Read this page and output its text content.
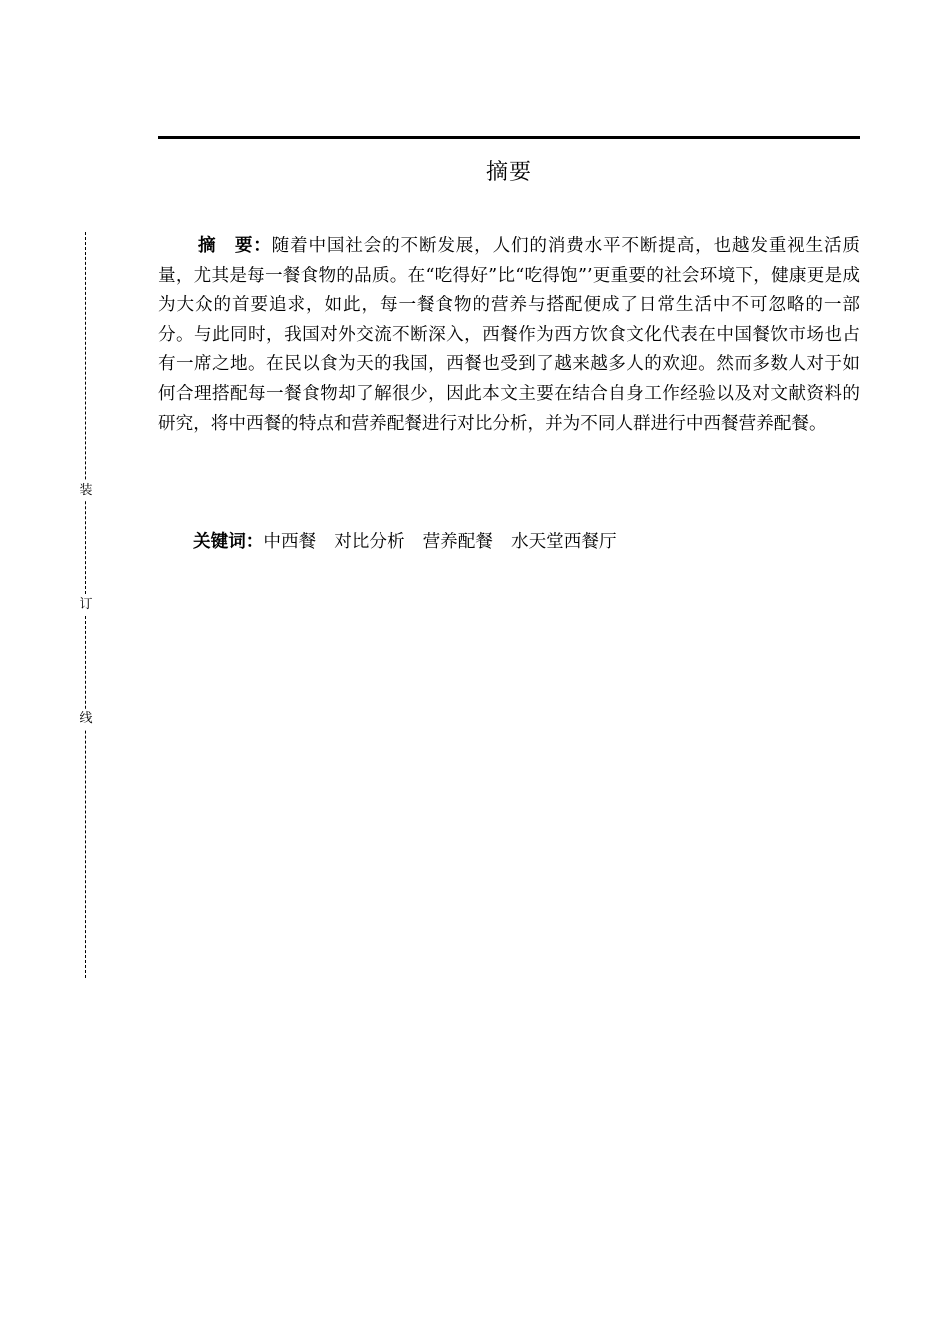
摘要

摘　要：随着中国社会的不断发展，人们的消费水平不断提高，也越发重视生活质量，尤其是每一餐食物的品质。在“吃得好”比“吃得饱”’更重要的社会环境下，健康更是成为大众的首要追求，如此，每一餐食物的营养与搭配便成了日常生活中不可忽略的一部分。与此同时，我国对外交流不断深入，西餐作为西方饮食文化代表在中国餐饮市场也占有一席之地。在民以食为天的我国，西餐也受到了越来越多人的欢迎。然而多数人对于如何合理搭配每一餐食物却了解很少，因此本文主要在结合自身工作经验以及对文献资料的研究，将中西餐的特点和营养配餐进行对比分析，并为不同人群进行中西餐营养配餐。

关键词：中西餐 对比分析 营养配餐 水天堂西餐厅

装
订
线
